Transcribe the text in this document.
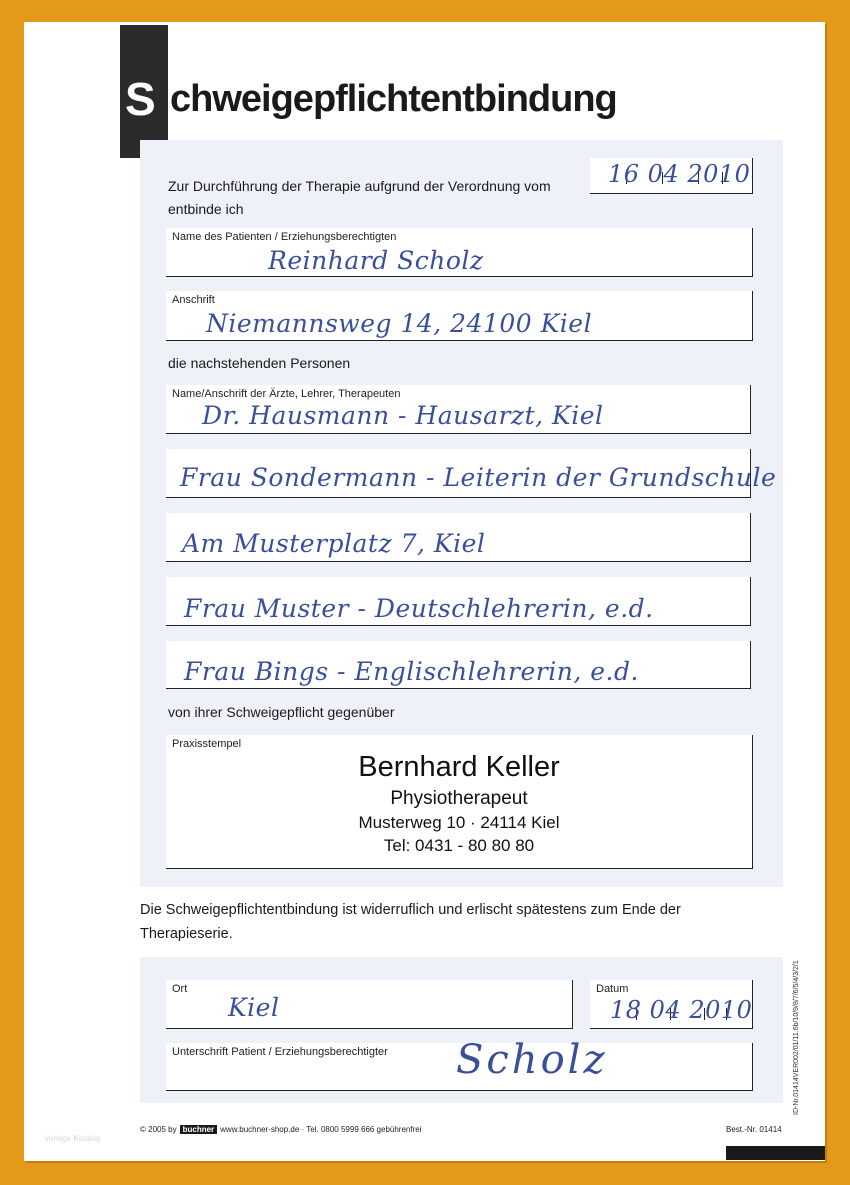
S chweigepflichtentbindung
Zur Durchführung der Therapie aufgrund der Verordnung vom
entbinde ich
16 04 2010
Name des Patienten / Erziehungsberechtigten
Reinhard Scholz
Anschrift
Niemannsweg 14, 24100 Kiel
die nachstehenden Personen
Name/Anschrift der Ärzte, Lehrer, Therapeuten
Dr. Hausmann - Hausarzt, Kiel
Frau Sondermann - Leiterin der Grundschule
Am Musterplatz 7, Kiel
Frau Muster - Deutschlehrerin, e.d.
Frau Bings - Englischlehrerin, e.d.
von ihrer Schweigepflicht gegenüber
Praxisstempel
Bernhard Keller
Physiotherapeut
Musterweg 10 · 24114 Kiel
Tel: 0431 - 80 80 80
Die Schweigepflichtentbindung ist widerruflich und erlischt spätestens zum Ende der
Therapieserie.
Ort
Kiel
Datum
18 04 2010
Unterschrift Patient / Erziehungsberechtigter Scholz
© 2005 by buchner www.buchner-shop.de · Tel. 0800 5999 666 gebührenfrei	Best.-Nr. 01414
Vorlage Katalog
ID-Nr.01414VER002/01/11.6b/10/9/8/7/6/5/4/3/2/1
